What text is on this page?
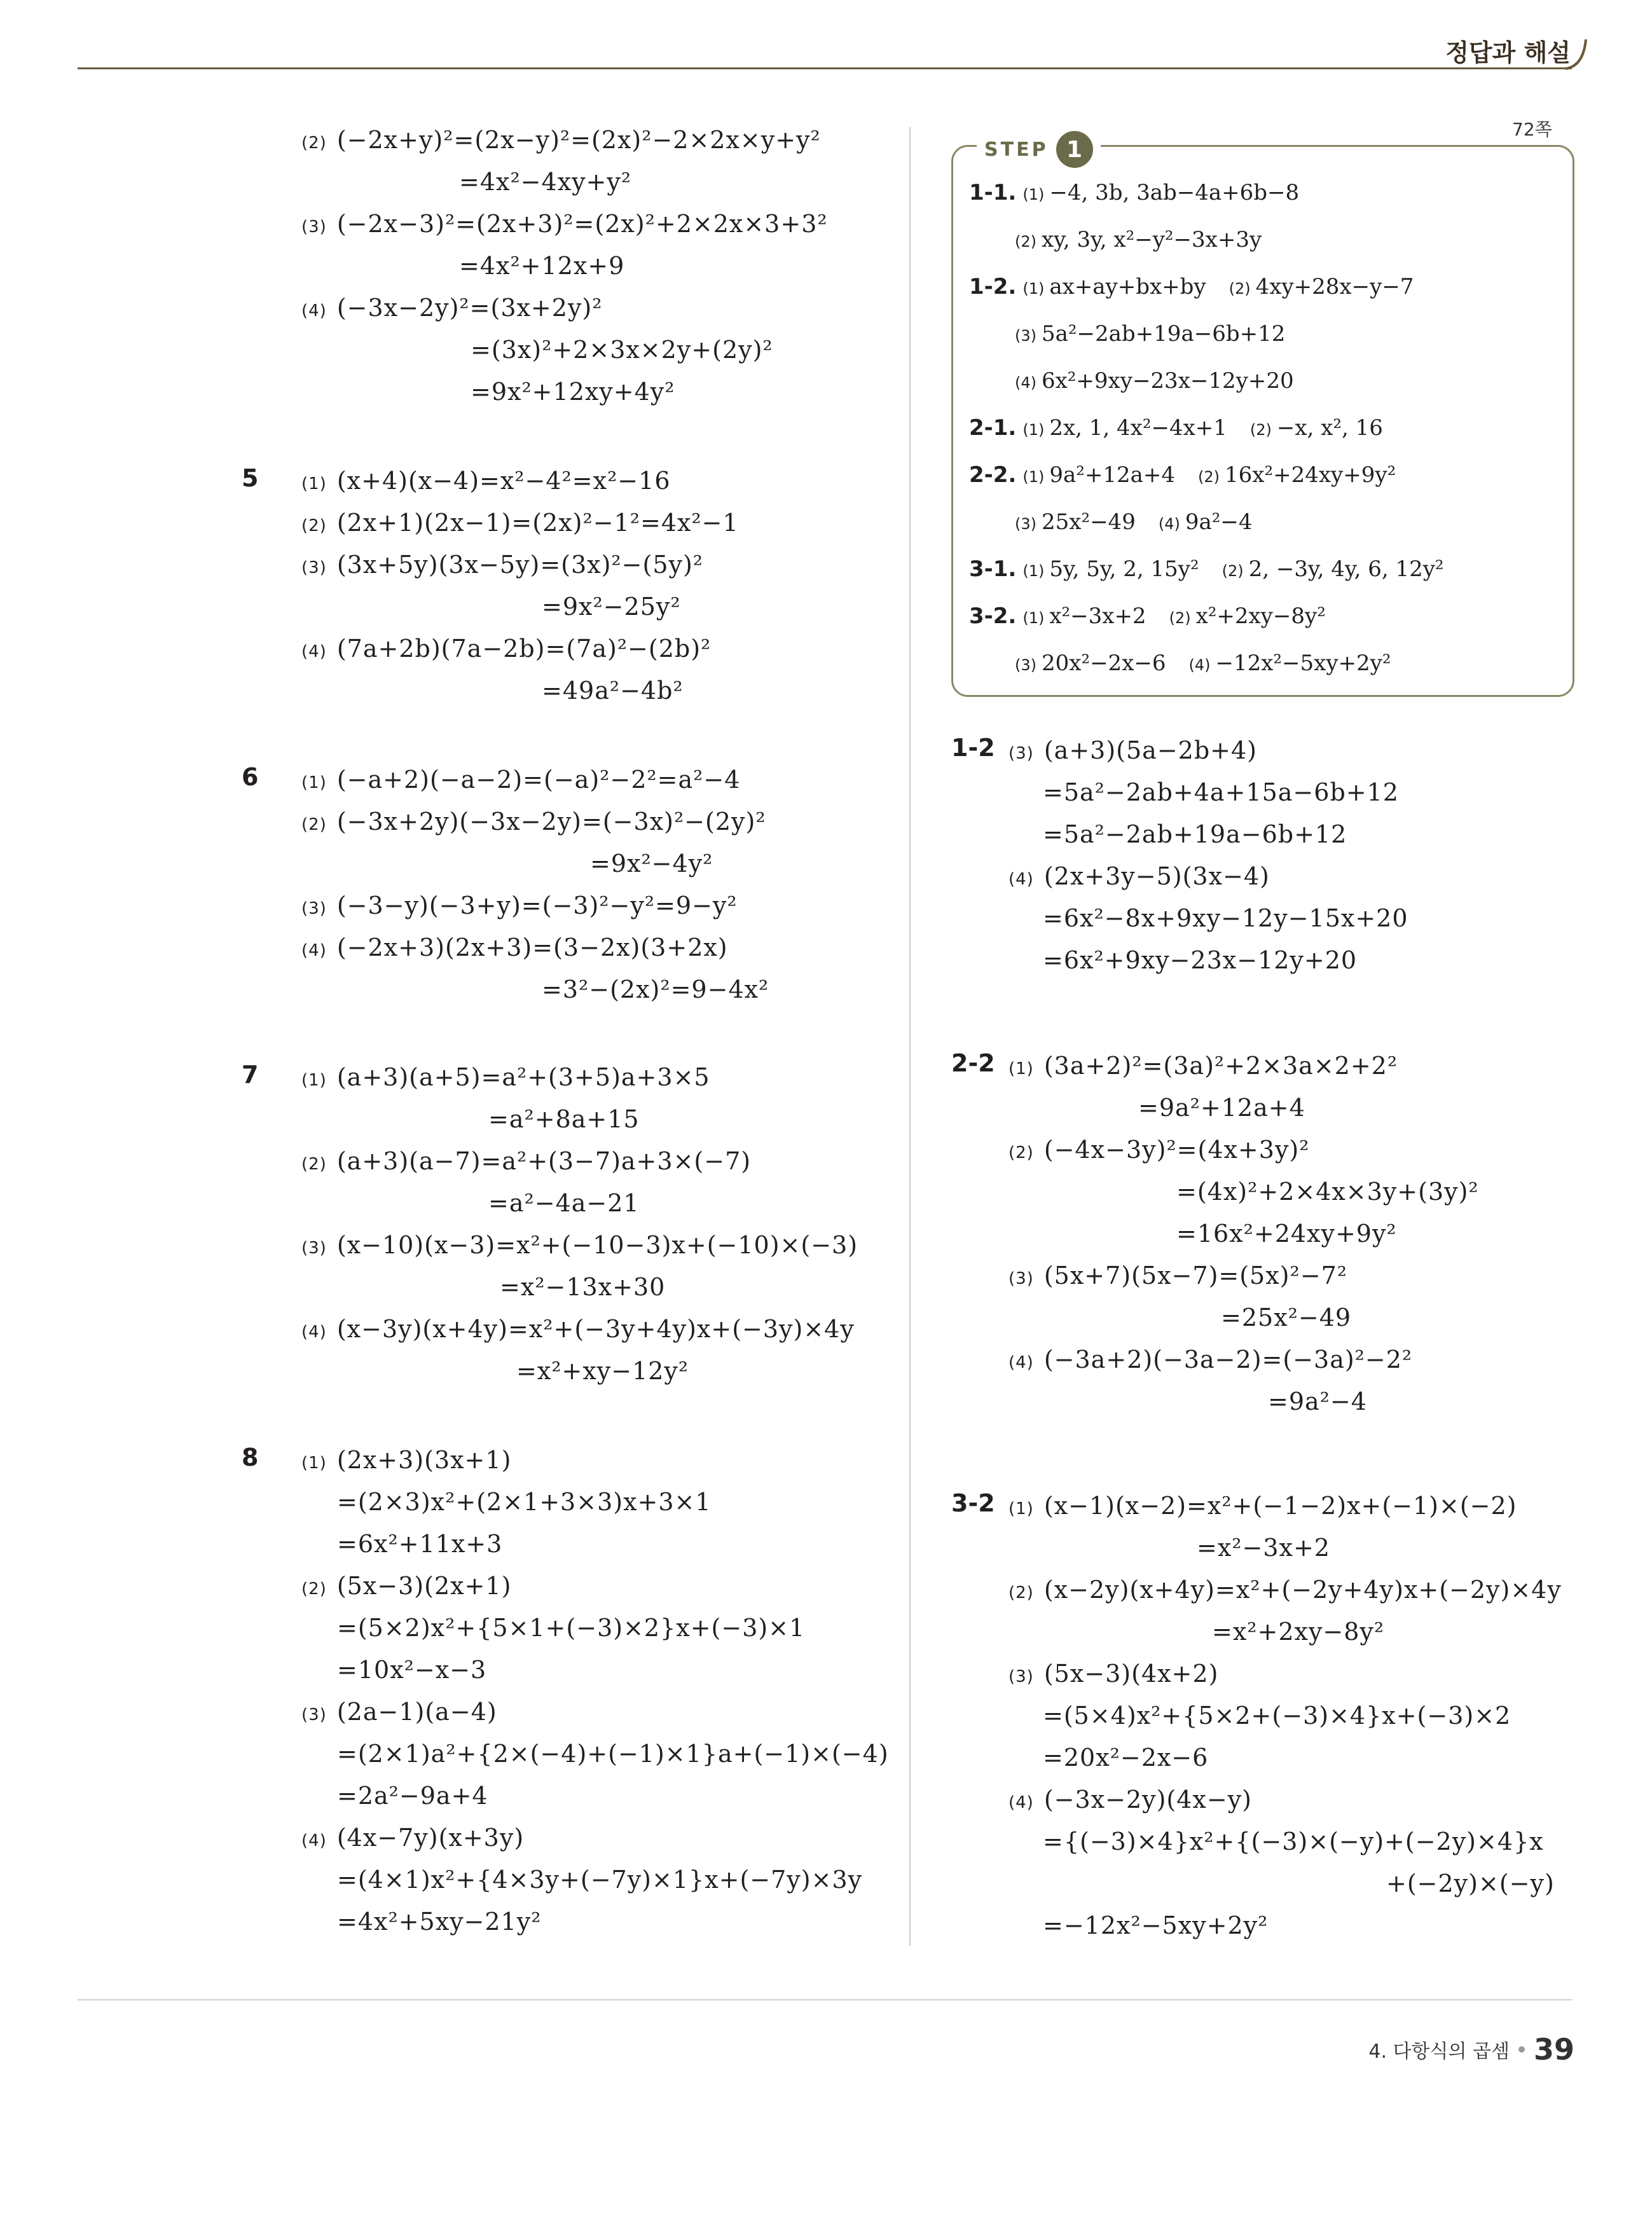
정답과 해설
(2) (−2x+y)²=(2x−y)²=(2x)²−2×2x×y+y²
=4x²−4xy+y²
(3) (−2x−3)²=(2x+3)²=(2x)²+2×2x×3+3²
=4x²+12x+9
(4) (−3x−2y)²=(3x+2y)²
=(3x)²+2×3x×2y+(2y)²
=9x²+12xy+4y²
5	(1) (x+4)(x−4)=x²−4²=x²−16
(2) (2x+1)(2x−1)=(2x)²−1²=4x²−1
(3) (3x+5y)(3x−5y)=(3x)²−(5y)²
=9x²−25y²
(4) (7a+2b)(7a−2b)=(7a)²−(2b)²
=49a²−4b²
6	(1) (−a+2)(−a−2)=(−a)²−2²=a²−4
(2) (−3x+2y)(−3x−2y)=(−3x)²−(2y)²
=9x²−4y²
(3) (−3−y)(−3+y)=(−3)²−y²=9−y²
(4) (−2x+3)(2x+3)=(3−2x)(3+2x)
=3²−(2x)²=9−4x²
7	(1) (a+3)(a+5)=a²+(3+5)a+3×5
=a²+8a+15
(2) (a+3)(a−7)=a²+(3−7)a+3×(−7)
=a²−4a−21
(3) (x−10)(x−3)=x²+(−10−3)x+(−10)×(−3)
=x²−13x+30
(4) (x−3y)(x+4y)=x²+(−3y+4y)x+(−3y)×4y
=x²+xy−12y²
8	(1) (2x+3)(3x+1)
=(2×3)x²+(2×1+3×3)x+3×1
=6x²+11x+3
(2) (5x−3)(2x+1)
=(5×2)x²+{5×1+(−3)×2}x+(−3)×1
=10x²−x−3
(3) (2a−1)(a−4)
=(2×1)a²+{2×(−4)+(−1)×1}a+(−1)×(−4)
=2a²−9a+4
(4) (4x−7y)(x+3y)
=(4×1)x²+{4×3y+(−7y)×1}x+(−7y)×3y
=4x²+5xy−21y²
STEP 1
72쪽
1-1. (1) −4, 3b, 3ab−4a+6b−8
(2) xy, 3y, x²−y²−3x+3y
1-2. (1) ax+ay+bx+by (2) 4xy+28x−y−7
(3) 5a²−2ab+19a−6b+12
(4) 6x²+9xy−23x−12y+20
2-1. (1) 2x, 1, 4x²−4x+1 (2) −x, x², 16
2-2. (1) 9a²+12a+4 (2) 16x²+24xy+9y²
(3) 25x²−49 (4) 9a²−4
3-1. (1) 5y, 5y, 2, 15y² (2) 2, −3y, 4y, 6, 12y²
3-2. (1) x²−3x+2 (2) x²+2xy−8y²
(3) 20x²−2x−6 (4) −12x²−5xy+2y²
1-2 (3) (a+3)(5a−2b+4)
=5a²−2ab+4a+15a−6b+12
=5a²−2ab+19a−6b+12
(4) (2x+3y−5)(3x−4)
=6x²−8x+9xy−12y−15x+20
=6x²+9xy−23x−12y+20
2-2 (1) (3a+2)²=(3a)²+2×3a×2+2²
=9a²+12a+4
(2) (−4x−3y)²=(4x+3y)²
=(4x)²+2×4x×3y+(3y)²
=16x²+24xy+9y²
(3) (5x+7)(5x−7)=(5x)²−7²
=25x²−49
(4) (−3a+2)(−3a−2)=(−3a)²−2²
=9a²−4
3-2 (1) (x−1)(x−2)=x²+(−1−2)x+(−1)×(−2)
=x²−3x+2
(2) (x−2y)(x+4y)=x²+(−2y+4y)x+(−2y)×4y
=x²+2xy−8y²
(3) (5x−3)(4x+2)
=(5×4)x²+{5×2+(−3)×4}x+(−3)×2
=20x²−2x−6
(4) (−3x−2y)(4x−y)
={(−3)×4}x²+{(−3)×(−y)+(−2y)×4}x
+(−2y)×(−y)
=−12x²−5xy+2y²
4. 다항식의 곱셈 39
